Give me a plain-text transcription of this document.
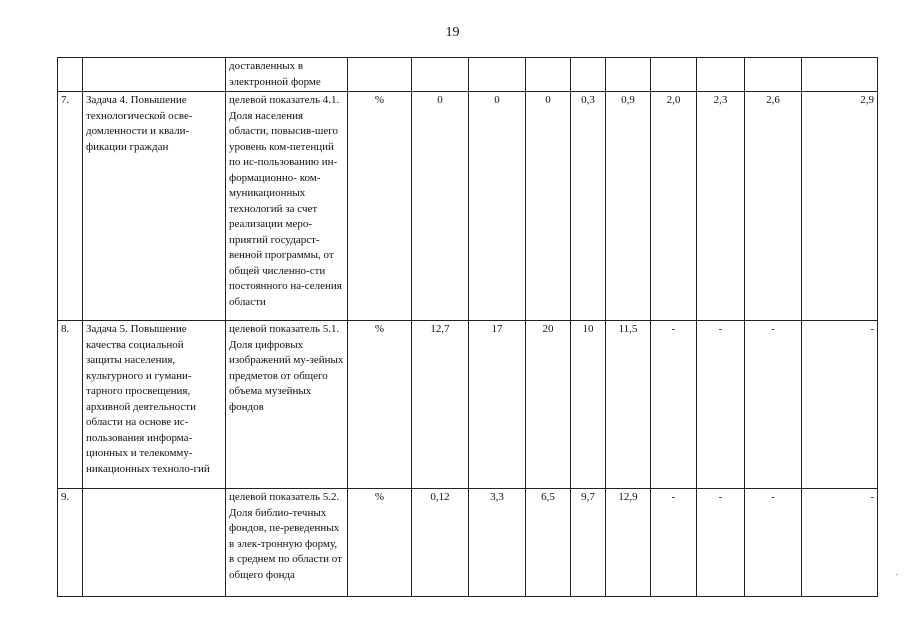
19
		доставленных в электронной форме										
7.	Задача 4. Повышение технологической осве-домленности и квали-фикации граждан	целевой показатель 4.1. Доля населения области, повысив-шего уровень ком-петенций по ис-пользованию ин-формационно- ком-муникационных технологий за счет реализации меро-приятий государст-венной программы, от общей численно-сти постоянного на-селения области	%	0	0	0	0,3	0,9	2,0	2,3	2,6	2,9
8.	Задача 5. Повышение качества социальной защиты населения, культурного и гумани-тарного просвещения, архивной деятельности области на основе ис-пользования информа-ционных и телекомму-никационных техноло-гий	целевой показатель 5.1. Доля цифровых изображений му-зейных предметов от общего объема музейных фондов	%	12,7	17	20	10	11,5	-	-	-	-
9.		целевой показатель 5.2. Доля библио-течных фондов, пе-реведенных в элек-тронную форму, в среднем по области от общего фонда	%	0,12	3,3	6,5	9,7	12,9	-	-	-	-
.
